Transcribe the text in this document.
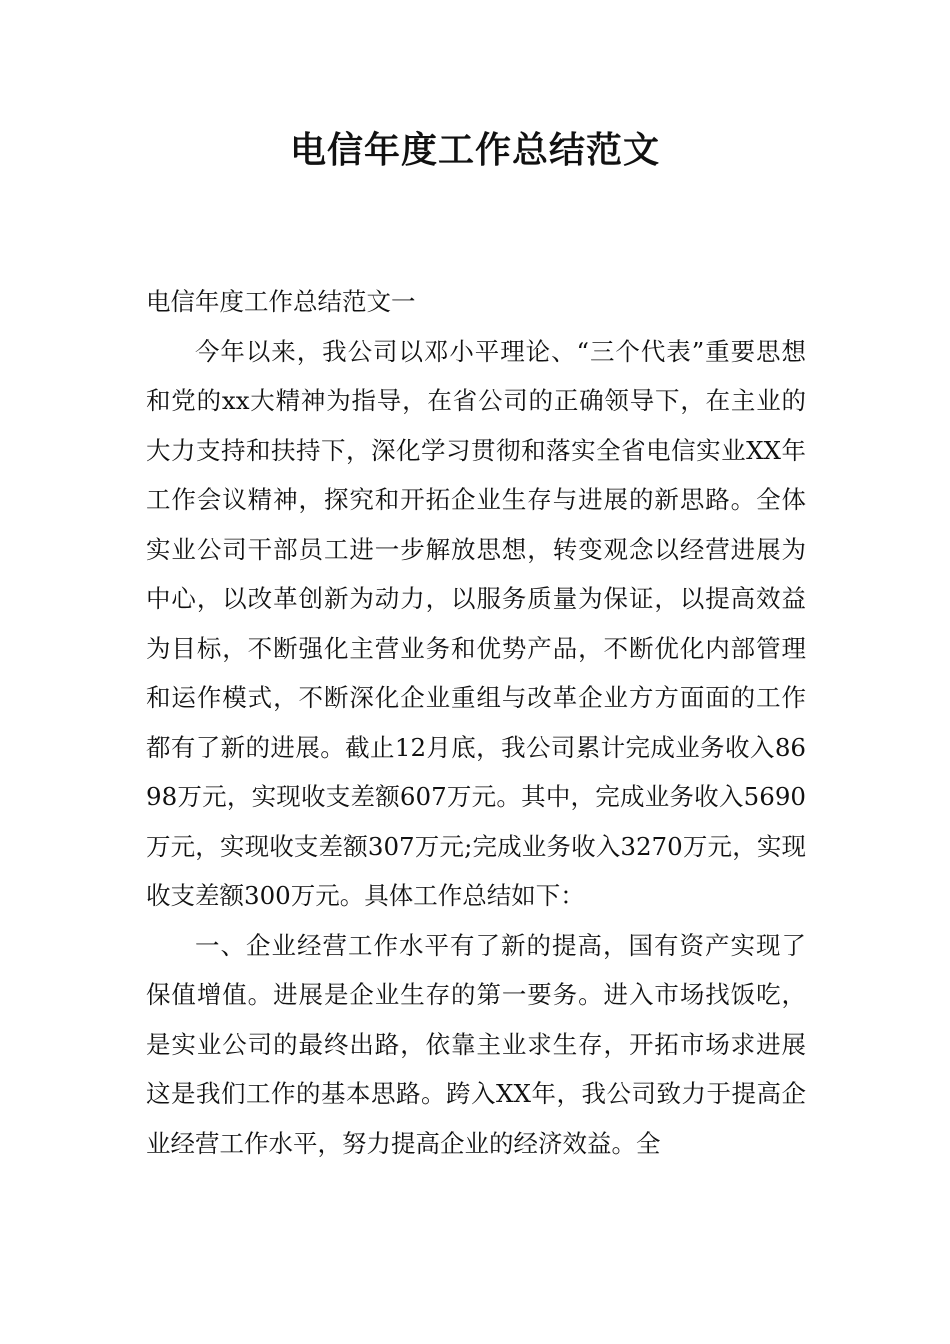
电信年度工作总结范文

电信年度工作总结范文一

今年以来，我公司以邓小平理论、“三个代表”重要思想和党的xx大精神为指导，在省公司的正确领导下，在主业的大力支持和扶持下，深化学习贯彻和落实全省电信实业XX年工作会议精神，探究和开拓企业生存与进展的新思路。全体实业公司干部员工进一步解放思想，转变观念以经营进展为中心，以改革创新为动力，以服务质量为保证，以提高效益为目标，不断强化主营业务和优势产品，不断优化内部管理和运作模式，不断深化企业重组与改革企业方方面面的工作都有了新的进展。截止12月底，我公司累计完成业务收入8698万元，实现收支差额607万元。其中，完成业务收入5690万元，实现收支差额307万元;完成业务收入3270万元，实现收支差额300万元。具体工作总结如下：

一、企业经营工作水平有了新的提高，国有资产实现了保值增值。进展是企业生存的第一要务。进入市场找饭吃，是实业公司的最终出路，依靠主业求生存，开拓市场求进展这是我们工作的基本思路。跨入XX年，我公司致力于提高企业经营工作水平，努力提高企业的经济效益。全
